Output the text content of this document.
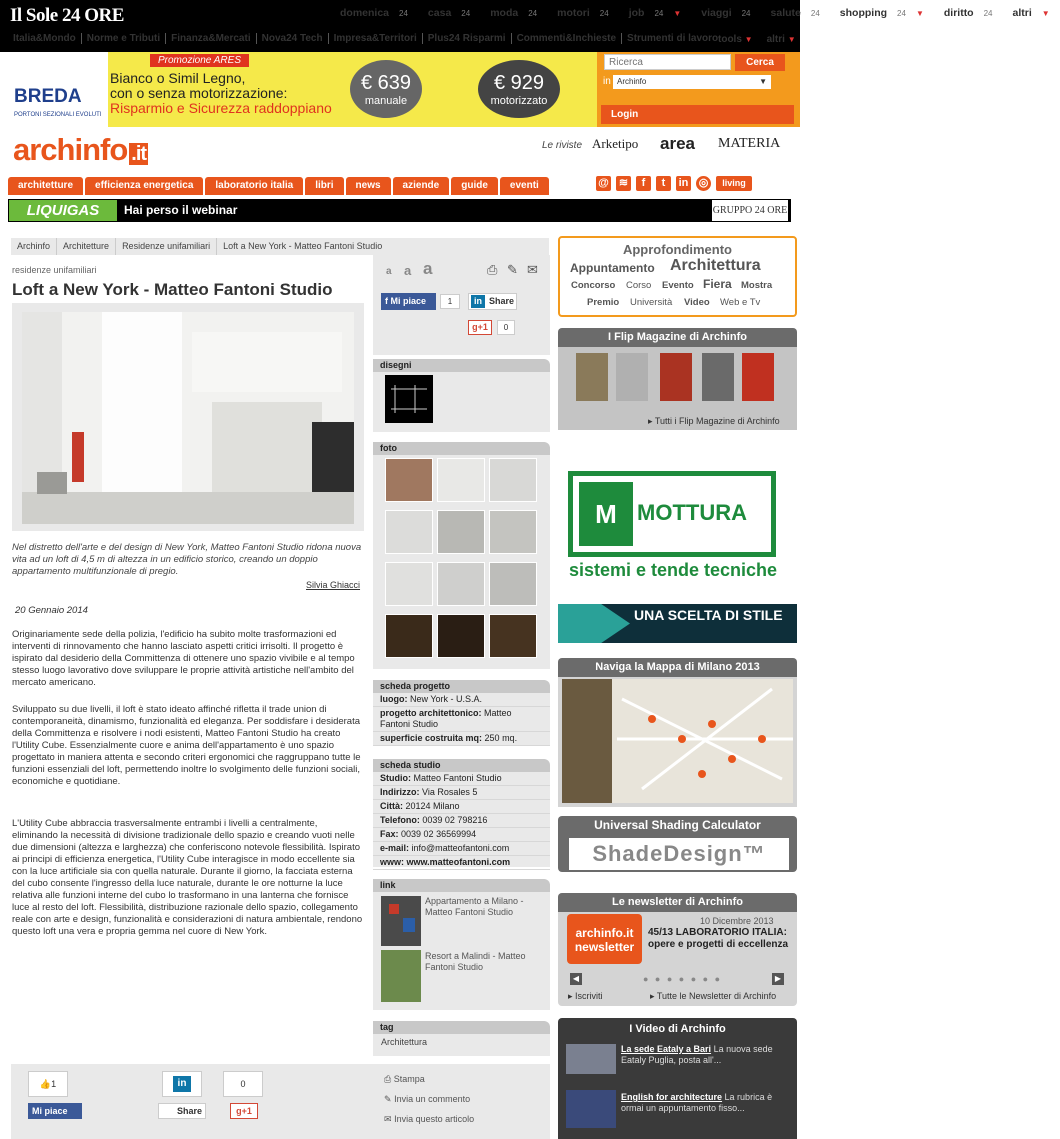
Il Sole 24 ORE	domenica 24	casa 24	moda 24	motori 24	job 24 ▼	viaggi 24	salute 24	shopping 24 ▼	diritto 24	altri ▼
Italia&Mondo	Norme e Tributi	Finanza&Mercati	Nova24 Tech	Impresa&Territori	Plus24 Risparmi	Commenti&Inchieste	Strumenti di lavoro tools ▼ altri ▼
BREDA
PORTONI SEZIONALI EVOLUTI
Promozione ARES
Bianco o Simil Legno,
con o senza motorizzazione:
Risparmio e Sicurezza raddoppiano
€ 639
manuale
€ 929
motorizzato
Ricerca
Cerca
in Archinfo	▼
Login
archinfo .it	Le riviste Arketipo area MATERIA
architetture	efficienza energetica	laboratorio italia	libri	news	aziende	guide	eventi	@ ≋	f	t	in ◎	living
LIQUIGAS	Hai perso il webinar	GRUPPO 24 ORE
Archinfo	Architetture	Residenze unifamiliari	Loft a New York - Matteo Fantoni Studio
residenze unifamiliari
Loft a New York - Matteo Fantoni Studio
Nel distretto dell'arte e del design di New York, Matteo Fantoni Studio ridona nuova vita ad un loft di 4,5 m di altezza in un edificio storico, creando un doppio appartamento multifunzionale di pregio.
Silvia Ghiacci
20 Gennaio 2014
Originariamente sede della polizia, l'edificio ha subito molte trasformazioni ed interventi di rinnovamento che hanno lasciato aspetti critici irrisolti. Il progetto è ispirato dal desiderio della Committenza di ottenere uno spazio vivibile e al tempo stesso luogo lavorativo dove sviluppare le proprie attività artistiche nell'ambito del mercato americano.
Sviluppato su due livelli, il loft è stato ideato affinché rifletta il trade union di contemporaneità, dinamismo, funzionalità ed eleganza. Per soddisfare i desiderata della Committenza e risolvere i nodi esistenti, Matteo Fantoni Studio ha creato l'Utility Cube. Essenzialmente cuore e anima dell'appartamento è uno spazio progettato in maniera attenta e secondo criteri ergonomici che raggruppano tutte le funzioni essenziali del loft, permettendo inoltre lo svolgimento delle funzioni sociali, economiche e quotidiane.
L'Utility Cube abbraccia trasversalmente entrambi i livelli a centralmente, eliminando la necessità di divisione tradizionale dello spazio e creando vuoti nelle due dimensioni (altezza e larghezza) che conferiscono notevole flessibilità. Ispirato ai principi di efficienza energetica, l'Utility Cube interagisce in modo eccellente sia con la luce artificiale sia con quella naturale. Durante il giorno, la facciata esterna del cubo consente l'ingresso della luce naturale, durante le ore notturne la luce relativa alle funzioni interne del cubo lo trasformano in una lanterna che fornisce luce al resto del loft. Flessibilità, distribuzione razionale dello spazio, collegamento reale con arte e design, funzionalità e considerazioni di natura ambientale, rendono questo loft una vera e propria gemma nel cuore di New York.
a a a	⎙ ✎ ✉
f Mi piace	1
in	Share
g+1	0
disegni
foto
scheda progetto
luogo: New York - U.S.A.
progetto architettonico: Matteo Fantoni Studio
superficie costruita mq: 250 mq.
scheda studio
Studio: Matteo Fantoni Studio
Indirizzo: Via Rosales 5
Città: 20124 Milano
Telefono: 0039 02 798216
Fax: 0039 02 36569994
e-mail: info@matteofantoni.com
www: www.matteofantoni.com
link
Appartamento a Milano - Matteo Fantoni Studio
Resort a Malindi - Matteo Fantoni Studio
tag
Architettura
Approfondimento
Appuntamento Architettura
Concorso Corso Evento Fiera Mostra
Premio Università Video Web e Tv
I Flip Magazine di Archinfo
▸ Tutti i Flip Magazine di Archinfo
M MOTTURA
sistemi e tende tecniche
UNA SCELTA DI STILE
Naviga la Mappa di Milano 2013
Universal Shading Calculator
ShadeDesign™
Le newsletter di Archinfo
archinfo.it newsletter
10 Dicembre 2013
45/13 LABORATORIO ITALIA: opere e progetti di eccellenza
◀	● ● ● ● ● ● ●	▶
▸ Iscriviti	▸ Tutte le Newsletter di Archinfo
I Video di Archinfo
La sede Eataly a Bari La nuova sede Eataly Puglia, posta all'...
English for architecture La rubrica è ormai un appuntamento fisso...
👍1
Mi piace
in
Share
0
g+1
⎙ Stampa
✎ Invia un commento
✉ Invia questo articolo
